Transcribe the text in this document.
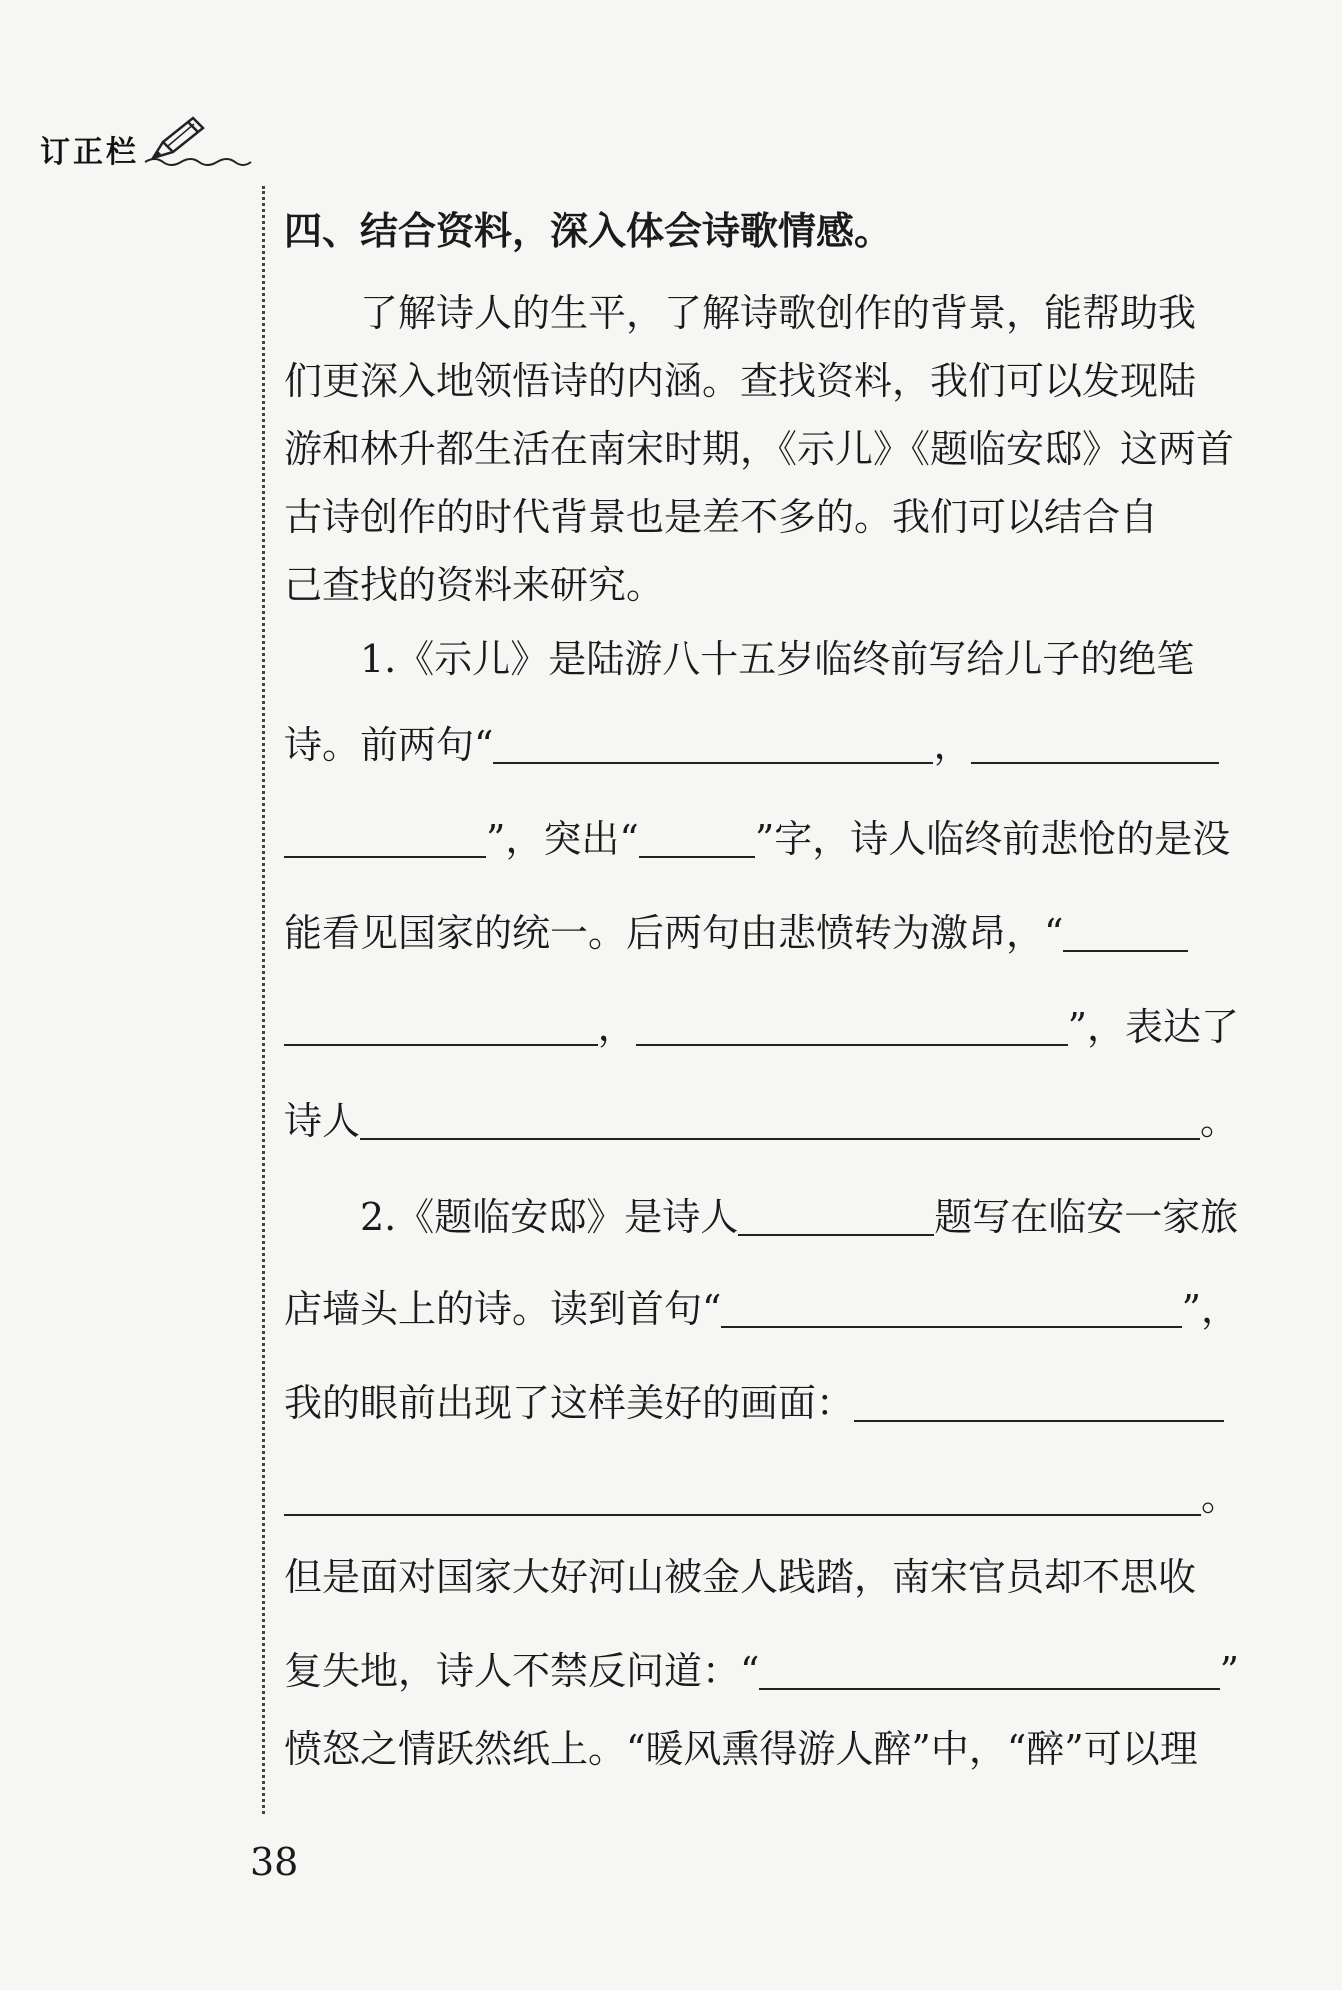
订正栏
四、结合资料，深入体会诗歌情感。
了解诗人的生平，了解诗歌创作的背景，能帮助我
们更深入地领悟诗的内涵。查找资料，我们可以发现陆
游和林升都生活在南宋时期，《示儿》《题临安邸》这两首
古诗创作的时代背景也是差不多的。我们可以结合自
己查找的资料来研究。
1.《示儿》是陆游八十五岁临终前写给儿子的绝笔
诗。前两句“	，
”，突出“	”字，诗人临终前悲怆的是没
能看见国家的统一。后两句由悲愤转为激昂，“
，	”，表达了
诗人	。
2.《题临安邸》是诗人	题写在临安一家旅
店墙头上的诗。读到首句“	”，
我的眼前出现了这样美好的画面：
。
但是面对国家大好河山被金人践踏，南宋官员却不思收
复失地，诗人不禁反问道：“	”
愤怒之情跃然纸上。“暖风熏得游人醉”中，“醉”可以理
38
